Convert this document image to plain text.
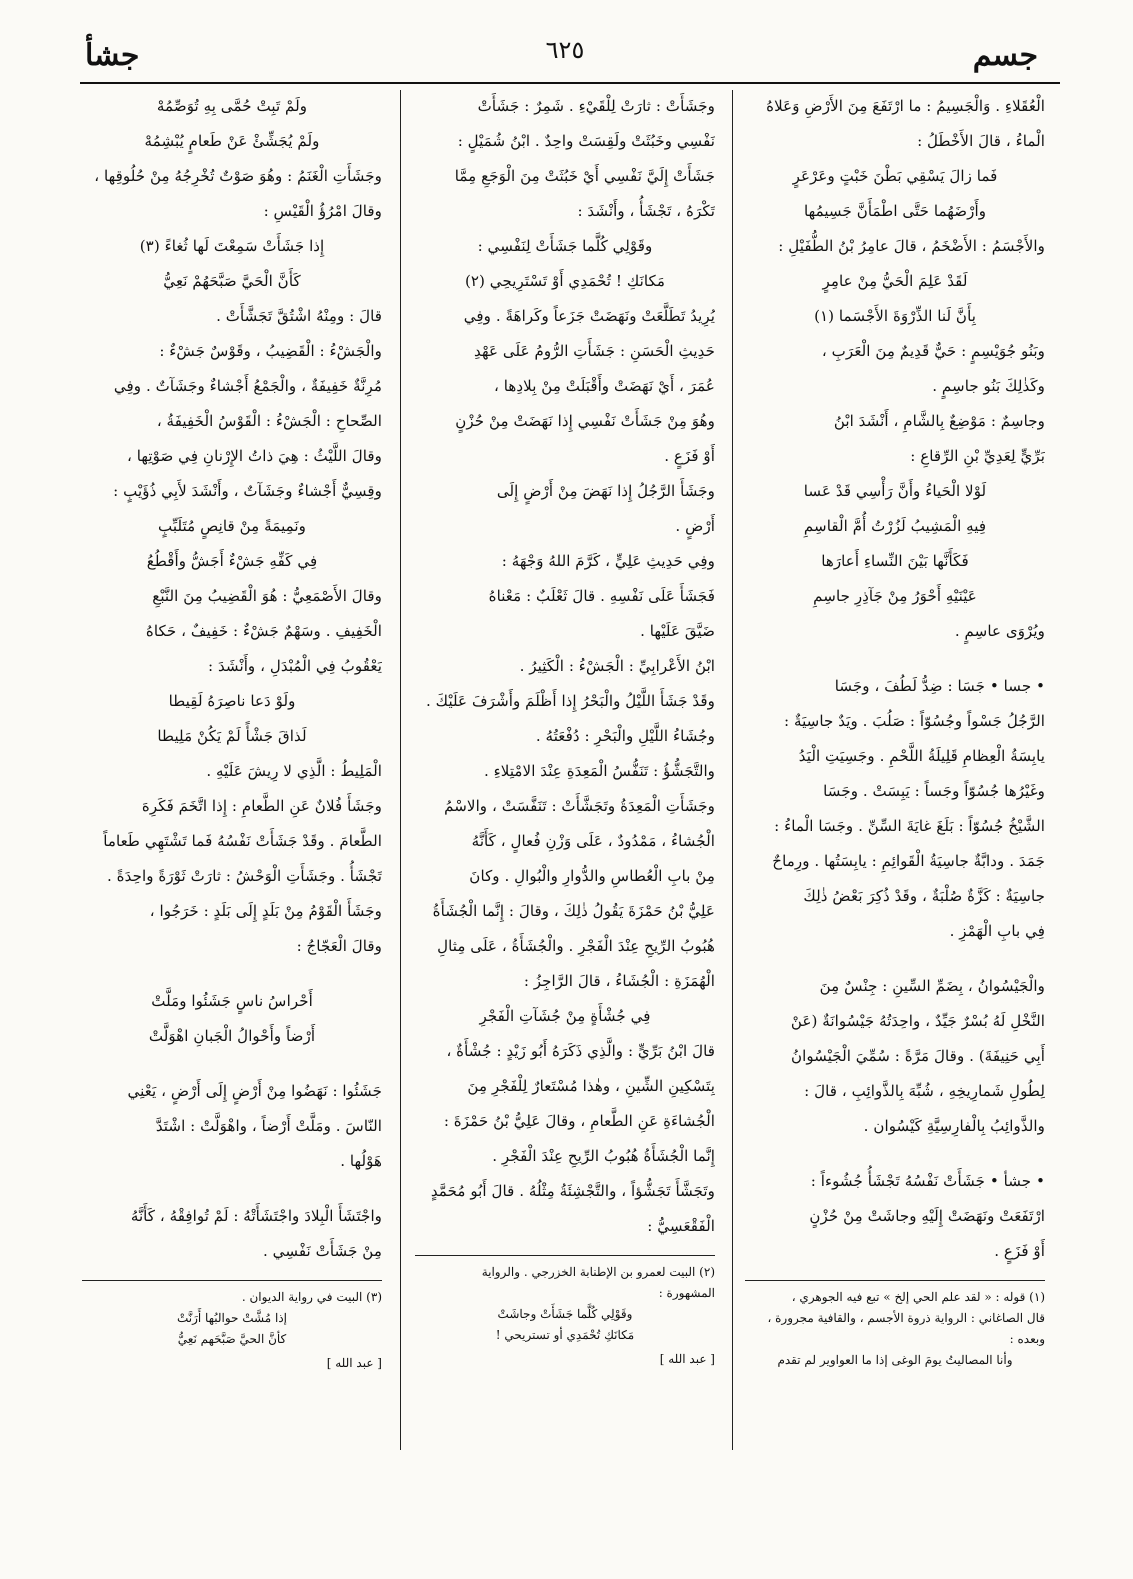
جسم
٦٢٥
جشأ

الْعُقَلاءِ . وَالْجَسِيمُ : ما ارْتَفَعَ مِنَ الأَرْضِ وَعَلاهُ

الْماءُ ، قالَ الأَخْطَلُ :

فَما زالَ يَسْقِي بَطْنَ خَبْتٍ وعَرْعَرٍ

وأَرْضَهُما حَتَّى اطْمَأَنَّ جَسِيمُها

والأَجْسَمُ : الأَضْخَمُ ، قالَ عامِرُ بْنُ الطُّفَيْلِ :

لَقَدْ عَلِمَ الْحَيُّ مِنْ عامِرٍ

بِأَنَّ لَنا الذِّرْوَةَ الأَجْسَما (١)

وبَنُو جُوَيْسِمٍ : حَيٌّ قَدِيمٌ مِنَ الْعَرَبِ ،

وكَذٰلِكَ بَنُو جاسِمٍ .

وجاسِمٌ : مَوْضِعٌ بِالشَّامِ ، أَنْشَدَ ابْنُ

بَرِّيٍّ لِعَدِيِّ بْنِ الرِّقاعِ :

لَوْلا الْحَياءُ وأَنَّ رَأْسِي قَدْ عَسا

فِيهِ الْمَشِيبُ لَزُرْتُ أُمَّ الْقاسِمِ

فَكَأَنَّها بَيْنَ النِّساءِ أَعارَها

عَيْنَيْهِ أَحْوَرُ مِنْ جَآذِرِ جاسِمِ

ويُرْوَى عاسِمٍ .

• جسا • جَسَا : ضِدُّ لَطُفَ ، وجَسَا

الرَّجُلُ جَسْواً وجُسُوّاً : صَلُبَ . ويَدٌ جاسِيَةٌ :

يابِسَةُ الْعِظامِ قَلِيلَةُ اللَّحْمِ . وجَسِيَتِ الْيَدُ

وغَيْرُها جُسُوّاً وجَساً : يَبِسَتْ . وجَسَا

الشَّيْخُ جُسُوّاً : بَلَغَ غايَةَ السِّنِّ . وجَسَا الْماءُ :

جَمَدَ . ودابَّةٌ جاسِيَةُ الْقَوائِمِ : يابِسَتُها . ورِماحٌ

جاسِيَةٌ : كَزَّةٌ صُلْبَةٌ ، وقَدْ ذُكِرَ بَعْضُ ذٰلِكَ

فِي بابِ الْهَمْزِ .

والْجَيْسُوانُ ، بِضَمِّ السِّينِ : جِنْسٌ مِنَ

النَّخْلِ لَهُ بُسْرٌ جَيِّدٌ ، واحِدَتُهُ جَيْسُوانَةٌ (عَنْ

أَبِي حَنِيفَةَ) . وقالَ مَرَّةً : سُمِّيَ الْجَيْسُوانُ

لِطُولِ شَمارِيخِهِ ، شُبِّهَ بِالذَّوائِبِ ، قالَ :

والذَّوائِبُ بِالْفارِسِيَّةِ كَيْسُوان .

• جشأ • جَشَأَتْ نَفْسُهُ تَجْشَأُ جُشُوءاً :

ارْتَفَعَتْ ونَهَضَتْ إِلَيْهِ وجاشَتْ مِنْ حُزْنٍ

أَوْ فَزَعٍ .

(١) قوله : « لقد علم الحي إلخ » تبع فيه الجوهري ،

قال الصاغاني : الرواية ذروة الأجسم ، والقافية مجرورة ،

وبعده :

وأنا المصاليتُ يومَ الوغى إذا ما العواوير لم تقدم

وجَشَأَتْ : ثارَتْ لِلْقَيْءِ . شَمِرٌ : جَشَأَتْ

نَفْسِي وخَبُثَتْ ولَقِسَتْ واحِدٌ . ابْنُ شُمَيْلٍ :

جَشَأَتْ إِلَيَّ نَفْسِي أَيْ خَبُثَتْ مِنَ الْوَجَعِ مِمَّا

تَكْرَهُ ، تَجْشَأُ ، وأَنْشَدَ :

وقَوْلِي كُلَّما جَشَأَتْ لِنَفْسِي :

مَكانَكِ ! تُحْمَدِي أَوْ تَسْتَرِيحِي (٢)

يُرِيدُ تَطَلَّعَتْ ونَهَضَتْ جَزَعاً وكَراهَةً . وفِي

حَدِيثِ الْحَسَنِ : جَشَأَتِ الرُّومُ عَلَى عَهْدِ

عُمَرَ ، أَيْ نَهَضَتْ وأَقْبَلَتْ مِنْ بِلادِها ،

وهُوَ مِنْ جَشَأَتْ نَفْسِي إِذا نَهَضَتْ مِنْ حُزْنٍ

أَوْ فَزَعٍ .

وجَشَأَ الرَّجُلُ إِذا نَهَضَ مِنْ أَرْضٍ إِلَى

أَرْضٍ .

وفِي حَدِيثِ عَلِيٍّ ، كَرَّمَ اللهُ وَجْهَهُ :

فَجَشَأَ عَلَى نَفْسِهِ . قالَ ثَعْلَبٌ : مَعْناهُ

ضَيَّقَ عَلَيْها .

ابْنُ الأَعْرابِيِّ : الْجَشْءُ : الْكَثِيرُ .

وقَدْ جَشَأَ اللَّيْلُ والْبَحْرُ إِذا أَظْلَمَ وأَشْرَفَ عَلَيْكَ .

وجُشَاءُ اللَّيْلِ والْبَحْرِ : دُفْعَتُهُ .

والتَّجَشُّؤُ : تَنَفُّسُ الْمَعِدَةِ عِنْدَ الامْتِلاءِ .

وجَشَأَتِ الْمَعِدَةُ وتَجَشَّأَتْ : تَنَفَّسَتْ ، والاسْمُ

الْجُشاءُ ، مَمْدُودٌ ، عَلَى وَزْنِ فُعالٍ ، كَأَنَّهُ

مِنْ بابِ الْعُطاسِ والدُّوارِ والْبُوالِ . وكانَ

عَلِيُّ بْنُ حَمْزَةَ يَقُولُ ذٰلِكَ ، وقالَ : إِنَّما الْجُشَأَةُ

هُبُوبُ الرِّيحِ عِنْدَ الْفَجْرِ . والْجُشَأَةُ ، عَلَى مِثالِ

الْهُمَزَةِ : الْجُشَاءُ ، قالَ الرَّاجِزُ :

فِي جُشْأَةٍ مِنْ جُشَآتِ الْفَجْرِ

قالَ ابْنُ بَرِّيٍّ : والَّذِي ذَكَرَهُ أَبُو زَيْدٍ : جُشْأَةٌ ،

بِتَسْكِينِ الشِّينِ ، وهٰذا مُسْتَعارٌ لِلْفَجْرِ مِنَ

الْجُشاءَةِ عَنِ الطَّعامِ ، وقالَ عَلِيُّ بْنُ حَمْزَةَ :

إِنَّما الْجُشَأَةُ هُبُوبُ الرِّيحِ عِنْدَ الْفَجْرِ .

وتَجَشَّأَ تَجَشُّؤاً ، والتَّجْشِئَةُ مِثْلُهُ . قالَ أَبُو مُحَمَّدٍ

الْفَقْعَسِيُّ :

(٢) البيت لعمرو بن الإطنابة الخزرجي . والرواية

المشهورة :

وقَوْلِي كُلَّما جَشَأَتْ وجاشَتْ

مَكانَكِ تُحْمَدِي أو تستريحي !

[ عبد الله ]

ولَمْ تَبِتْ حُمَّى بِهِ تُوَصِّمُهْ

ولَمْ يُجَشِّئْ عَنْ طَعامٍ يُبْشِمُهْ

وجَشَأَتِ الْغَنَمُ : وهُوَ صَوْتٌ تُخْرِجُهُ مِنْ حُلُوقِها ،

وقالَ امْرُؤُ الْقَيْسِ :

إِذا جَشَأَتْ سَمِعْتَ لَها ثُغاءً (٣)

كَأَنَّ الْحَيَّ صَبَّحَهُمْ نَعِيُّ

قالَ : ومِنْهُ اشْتُقَّ تَجَشَّأَتْ .

والْجَشْءُ : الْقَضِيبُ ، وقَوْسٌ جَشْءٌ :

مُرِنَّةٌ خَفِيفَةٌ ، والْجَمْعُ أَجْشاءٌ وجَشَآتٌ . وفِي

الصِّحاحِ : الْجَشْءُ : الْقَوْسُ الْخَفِيفَةُ ،

وقالَ اللَّيْثُ : هِيَ ذاتُ الإِرْنانِ فِي صَوْتِها ،

وقِسِيٌّ أَجْشاءٌ وجَشَآتٌ ، وأَنْشَدَ لأَبِي ذُؤَيْبٍ :

ونَمِيمَةً مِنْ قانِصٍ مُتَلَبِّبٍ

فِي كَفِّهِ جَشْءٌ أَجَشُّ وأَقْطُعُ

وقالَ الأَصْمَعِيُّ : هُوَ الْقَضِيبُ مِنَ النَّبْعِ

الْخَفِيفِ . وسَهْمٌ جَشْءٌ : خَفِيفٌ ، حَكاهُ

يَعْقُوبُ فِي الْمُبْدَلِ ، وأَنْشَدَ :

ولَوْ دَعا ناصِرَهُ لَقِيطا

لَذاقَ جَشْأً لَمْ يَكُنْ مَلِيطا

الْمَلِيطُ : الَّذِي لا رِيشَ عَلَيْهِ .

وجَشَأَ فُلانٌ عَنِ الطَّعامِ : إِذا اتَّخَمَ فَكَرِهَ

الطَّعامَ . وقَدْ جَشَأَتْ نَفْسُهُ فَما تَشْتَهِي طَعاماً

تَجْشَأُ . وجَشَأَتِ الْوَحْشُ : ثارَتْ ثَوْرَةً واحِدَةً .

وجَشَأَ الْقَوْمُ مِنْ بَلَدٍ إِلَى بَلَدٍ : خَرَجُوا ،

وقالَ الْعَجّاجُ :

أَحْراسُ ناسٍ جَشَئُوا ومَلَّتْ

أَرْضاً وأَحْوالُ الْجَبانِ اهْوَلَّتْ

جَشَئُوا : نَهَضُوا مِنْ أَرْضٍ إِلَى أَرْضٍ ، يَعْنِي

النّاسَ . ومَلَّتْ أَرْضاً ، واهْوَلَّتْ : اشْتَدَّ

هَوْلُها .

واجْتَشَأَ الْبِلادَ واجْتَشَأَتْهُ : لَمْ تُوافِقْهُ ، كَأَنَّهُ

مِنْ جَشَأَتْ نَفْسِي .

(٣) البيت في رواية الديوان .

إذا مُشَّتْ حوالبُها أَرَنَّتْ

كأنَّ الحيَّ صَبَّحَهم نَعِيُّ

[ عبد الله ]
